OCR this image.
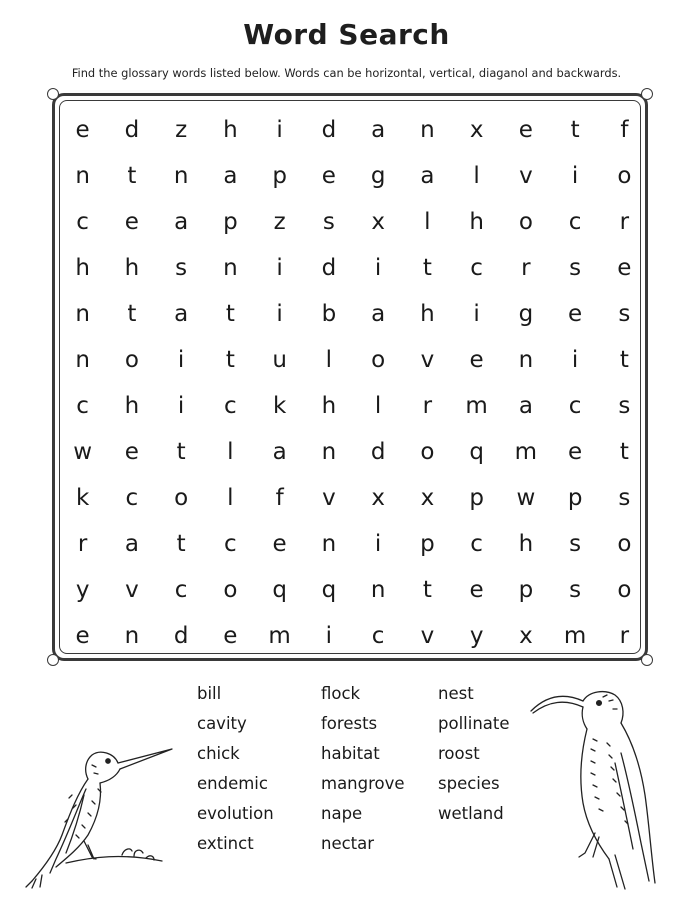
Word Search
Find the glossary words listed below. Words can be horizontal, vertical, diaganol and backwards.
e	d	z	h	i	d	a	n	x	e	t	f
n	t	n	a	p	e	g	a	l	v	i	o
c	e	a	p	z	s	x	l	h	o	c	r
h	h	s	n	i	d	i	t	c	r	s	e
n	t	a	t	i	b	a	h	i	g	e	s
n	o	i	t	u	l	o	v	e	n	i	t
c	h	i	c	k	h	l	r	m	a	c	s
w	e	t	l	a	n	d	o	q	m	e	t
k	c	o	l	f	v	x	x	p	w	p	s
r	a	t	c	e	n	i	p	c	h	s	o
y	v	c	o	q	q	n	t	e	p	s	o
e	n	d	e	m	i	c	v	y	x	m	r
bill
cavity
chick
endemic
evolution
extinct
flock
forests
habitat
mangrove
nape
nectar
nest
pollinate
roost
species
wetland
